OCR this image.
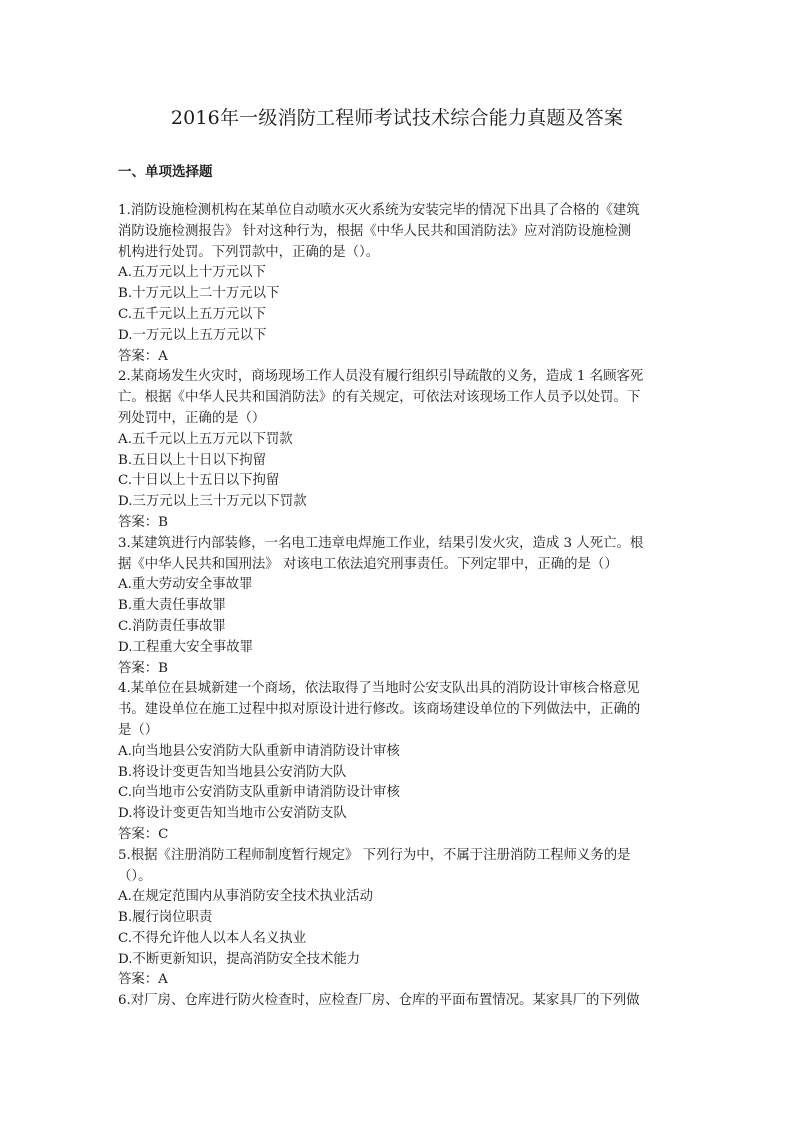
2016年一级消防工程师考试技术综合能力真题及答案
一、单项选择题
1.消防设施检测机构在某单位自动喷水灭火系统为安装完毕的情况下出具了合格的《建筑
消防设施检测报告》 针对这种行为，根据《中华人民共和国消防法》应对消防设施检测
机构进行处罚。下列罚款中，正确的是（）。
A.五万元以上十万元以下
B.十万元以上二十万元以下
C.五千元以上五万元以下
D.一万元以上五万元以下
答案：A
2.某商场发生火灾时，商场现场工作人员没有履行组织引导疏散的义务，造成 1 名顾客死
亡。根据《中华人民共和国消防法》的有关规定，可依法对该现场工作人员予以处罚。下
列处罚中，正确的是（）
A.五千元以上五万元以下罚款
B.五日以上十日以下拘留
C.十日以上十五日以下拘留
D.三万元以上三十万元以下罚款
答案：B
3.某建筑进行内部装修，一名电工违章电焊施工作业，结果引发火灾，造成 3 人死亡。根
据《中华人民共和国刑法》 对该电工依法追究刑事责任。下列定罪中，正确的是（）
A.重大劳动安全事故罪
B.重大责任事故罪
C.消防责任事故罪
D.工程重大安全事故罪
答案：B
4.某单位在县城新建一个商场，依法取得了当地时公安支队出具的消防设计审核合格意见
书。建设单位在施工过程中拟对原设计进行修改。该商场建设单位的下列做法中，正确的
是（）
A.向当地县公安消防大队重新申请消防设计审核
B.将设计变更告知当地县公安消防大队
C.向当地市公安消防支队重新申请消防设计审核
D.将设计变更告知当地市公安消防支队
答案：C
5.根据《注册消防工程师制度暂行规定》 下列行为中，不属于注册消防工程师义务的是
（）。
A.在规定范围内从事消防安全技术执业活动
B.履行岗位职责
C.不得允许他人以本人名义执业
D.不断更新知识，提高消防安全技术能力
答案：A
6.对厂房、仓库进行防火检查时，应检查厂房、仓库的平面布置情况。某家具厂的下列做
